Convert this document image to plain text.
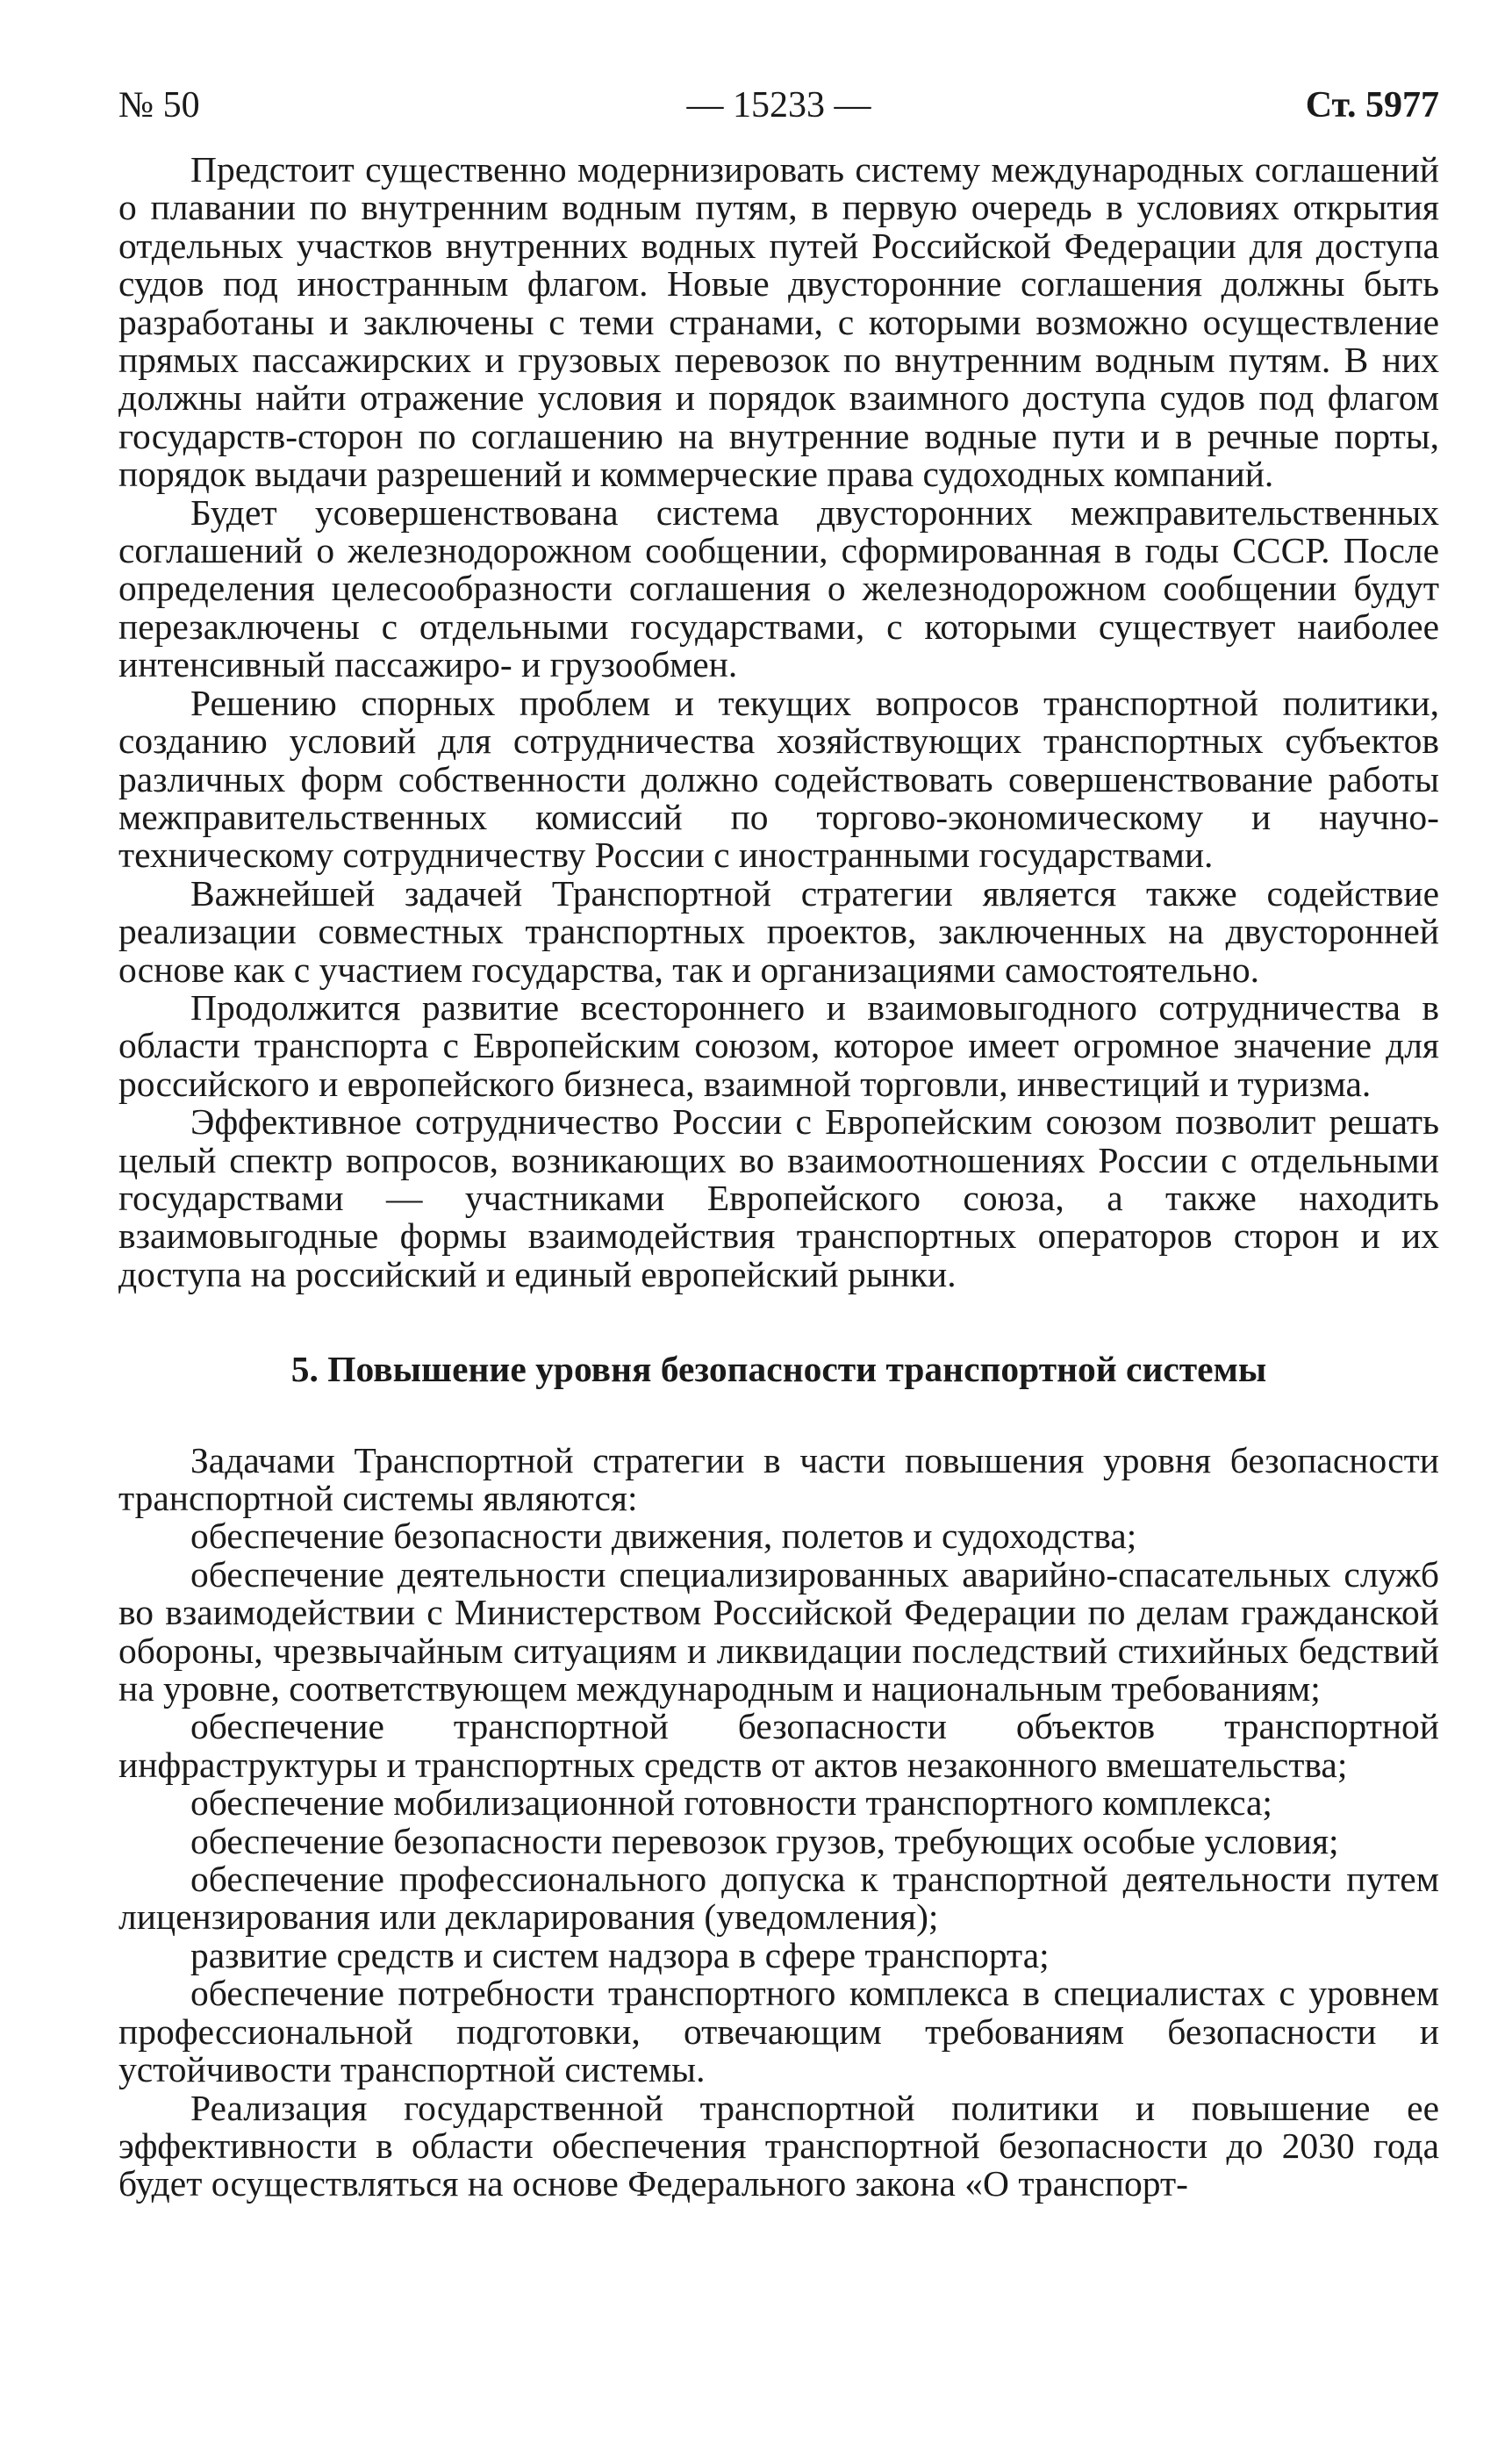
№ 50	— 15233 —	Ст. 5977

Предстоит существенно модернизировать систему международных соглашений о плавании по внутренним водным путям, в первую очередь в условиях открытия отдельных участков внутренних водных путей Российской Федерации для доступа судов под иностранным флагом. Новые двусторонние соглашения должны быть разработаны и заключены с теми странами, с которыми возможно осуществление прямых пассажирских и грузовых перевозок по внутренним водным путям. В них должны найти отражение условия и порядок взаимного доступа судов под флагом государств-сторон по соглашению на внутренние водные пути и в речные порты, порядок выдачи разрешений и коммерческие права судоходных компаний.

Будет усовершенствована система двусторонних межправительственных соглашений о железнодорожном сообщении, сформированная в годы СССР. После определения целесообразности соглашения о железнодорожном сообщении будут перезаключены с отдельными государствами, с которыми существует наиболее интенсивный пассажиро- и грузообмен.

Решению спорных проблем и текущих вопросов транспортной политики, созданию условий для сотрудничества хозяйствующих транспортных субъектов различных форм собственности должно содействовать совершенствование работы межправительственных комиссий по торгово-экономическому и научно-техническому сотрудничеству России с иностранными государствами.

Важнейшей задачей Транспортной стратегии является также содействие реализации совместных транспортных проектов, заключенных на двусторонней основе как с участием государства, так и организациями самостоятельно.

Продолжится развитие всестороннего и взаимовыгодного сотрудничества в области транспорта с Европейским союзом, которое имеет огромное значение для российского и европейского бизнеса, взаимной торговли, инвестиций и туризма.

Эффективное сотрудничество России с Европейским союзом позволит решать целый спектр вопросов, возникающих во взаимоотношениях России с отдельными государствами — участниками Европейского союза, а также находить взаимовыгодные формы взаимодействия транспортных операторов сторон и их доступа на российский и единый европейский рынки.

5. Повышение уровня безопасности транспортной системы

Задачами Транспортной стратегии в части повышения уровня безопасности транспортной системы являются:

обеспечение безопасности движения, полетов и судоходства;

обеспечение деятельности специализированных аварийно-спасательных служб во взаимодействии с Министерством Российской Федерации по делам гражданской обороны, чрезвычайным ситуациям и ликвидации последствий стихийных бедствий на уровне, соответствующем международным и национальным требованиям;

обеспечение транспортной безопасности объектов транспортной инфраструктуры и транспортных средств от актов незаконного вмешательства;

обеспечение мобилизационной готовности транспортного комплекса;

обеспечение безопасности перевозок грузов, требующих особые условия;

обеспечение профессионального допуска к транспортной деятельности путем лицензирования или декларирования (уведомления);

развитие средств и систем надзора в сфере транспорта;

обеспечение потребности транспортного комплекса в специалистах с уровнем профессиональной подготовки, отвечающим требованиям безопасности и устойчивости транспортной системы.

Реализация государственной транспортной политики и повышение ее эффективности в области обеспечения транспортной безопасности до 2030 года будет осуществляться на основе Федерального закона «О транспорт-
